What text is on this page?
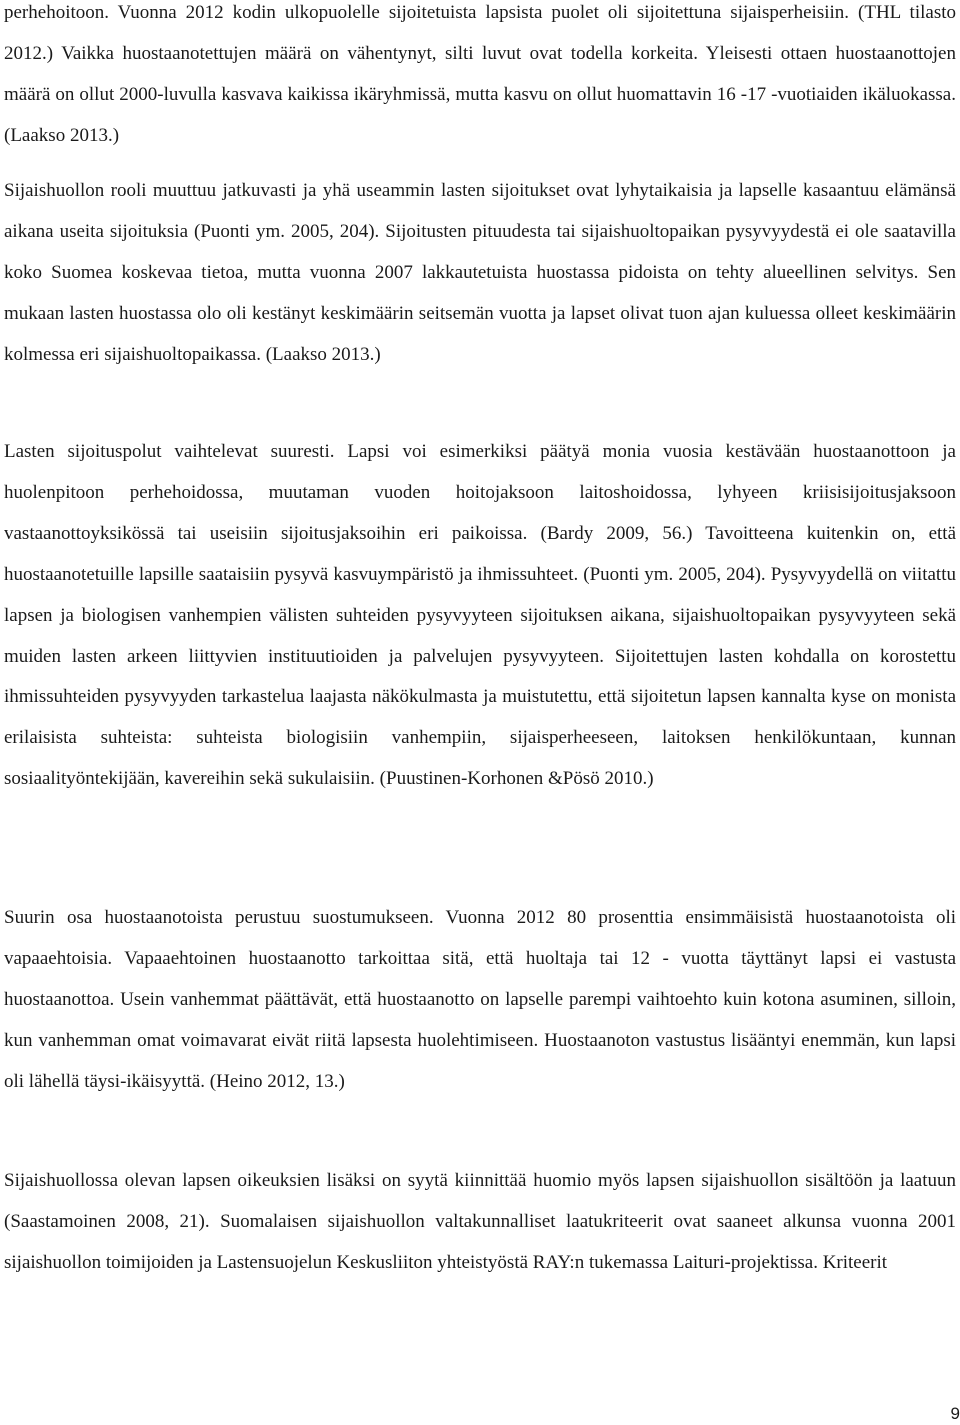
perhehoitoon. Vuonna 2012 kodin ulkopuolelle sijoitetuista lapsista puolet oli sijoitettuna sijaisperheisiin. (THL tilasto 2012.) Vaikka huostaanotettujen määrä on vähentynyt, silti luvut ovat todella korkeita. Yleisesti ottaen huostaanottojen määrä on ollut 2000-luvulla kasvava kaikissa ikäryhmissä, mutta kasvu on ollut huomattavin 16 -17 -vuotiaiden ikäluokassa. (Laakso 2013.)

Sijaishuollon rooli muuttuu jatkuvasti ja yhä useammin lasten sijoitukset ovat lyhytaikaisia ja lapselle kasaantuu elämänsä aikana useita sijoituksia (Puonti ym. 2005, 204). Sijoitusten pituudesta tai sijaishuoltopaikan pysyvyydestä ei ole saatavilla koko Suomea koskevaa tietoa, mutta vuonna 2007 lakkautetuista huostassa pidoista on tehty alueellinen selvitys. Sen mukaan lasten huostassa olo oli kestänyt keskimäärin seitsemän vuotta ja lapset olivat tuon ajan kuluessa olleet keskimäärin kolmessa eri sijaishuoltopaikassa. (Laakso 2013.)

Lasten sijoituspolut vaihtelevat suuresti. Lapsi voi esimerkiksi päätyä monia vuosia kestävään huostaanottoon ja huolenpitoon perhehoidossa, muutaman vuoden hoitojaksoon laitoshoidossa, lyhyeen kriisisijoitusjaksoon vastaanottoyksikössä tai useisiin sijoitusjaksoihin eri paikoissa. (Bardy 2009, 56.) Tavoitteena kuitenkin on, että huostaanotetuille lapsille saataisiin pysyvä kasvuympäristö ja ihmissuhteet. (Puonti ym. 2005, 204). Pysyvyydellä on viitattu lapsen ja biologisen vanhempien välisten suhteiden pysyvyyteen sijoituksen aikana, sijaishuoltopaikan pysyvyyteen sekä muiden lasten arkeen liittyvien instituutioiden ja palvelujen pysyvyyteen. Sijoitettujen lasten kohdalla on korostettu ihmissuhteiden pysyvyyden tarkastelua laajasta näkökulmasta ja muistutettu, että sijoitetun lapsen kannalta kyse on monista erilaisista suhteista: suhteista biologisiin vanhempiin, sijaisperheeseen, laitoksen henkilökuntaan, kunnan sosiaalityöntekijään, kavereihin sekä sukulaisiin. (Puustinen-Korhonen &Pösö 2010.)

Suurin osa huostaanotoista perustuu suostumukseen. Vuonna 2012 80 prosenttia ensimmäisistä huostaanotoista oli vapaaehtoisia. Vapaaehtoinen huostaanotto tarkoittaa sitä, että huoltaja tai 12 - vuotta täyttänyt lapsi ei vastusta huostaanottoa. Usein vanhemmat päättävät, että huostaanotto on lapselle parempi vaihtoehto kuin kotona asuminen, silloin, kun vanhemman omat voimavarat eivät riitä lapsesta huolehtimiseen. Huostaanoton vastustus lisääntyi enemmän, kun lapsi oli lähellä täysi-ikäisyyttä. (Heino 2012, 13.)

Sijaishuollossa olevan lapsen oikeuksien lisäksi on syytä kiinnittää huomio myös lapsen sijaishuollon sisältöön ja laatuun (Saastamoinen 2008, 21). Suomalaisen sijaishuollon valtakunnalliset laatukriteerit ovat saaneet alkunsa vuonna 2001 sijaishuollon toimijoiden ja Lastensuojelun Keskusliiton yhteistyöstä RAY:n tukemassa Laituri-projektissa. Kriteerit

9
